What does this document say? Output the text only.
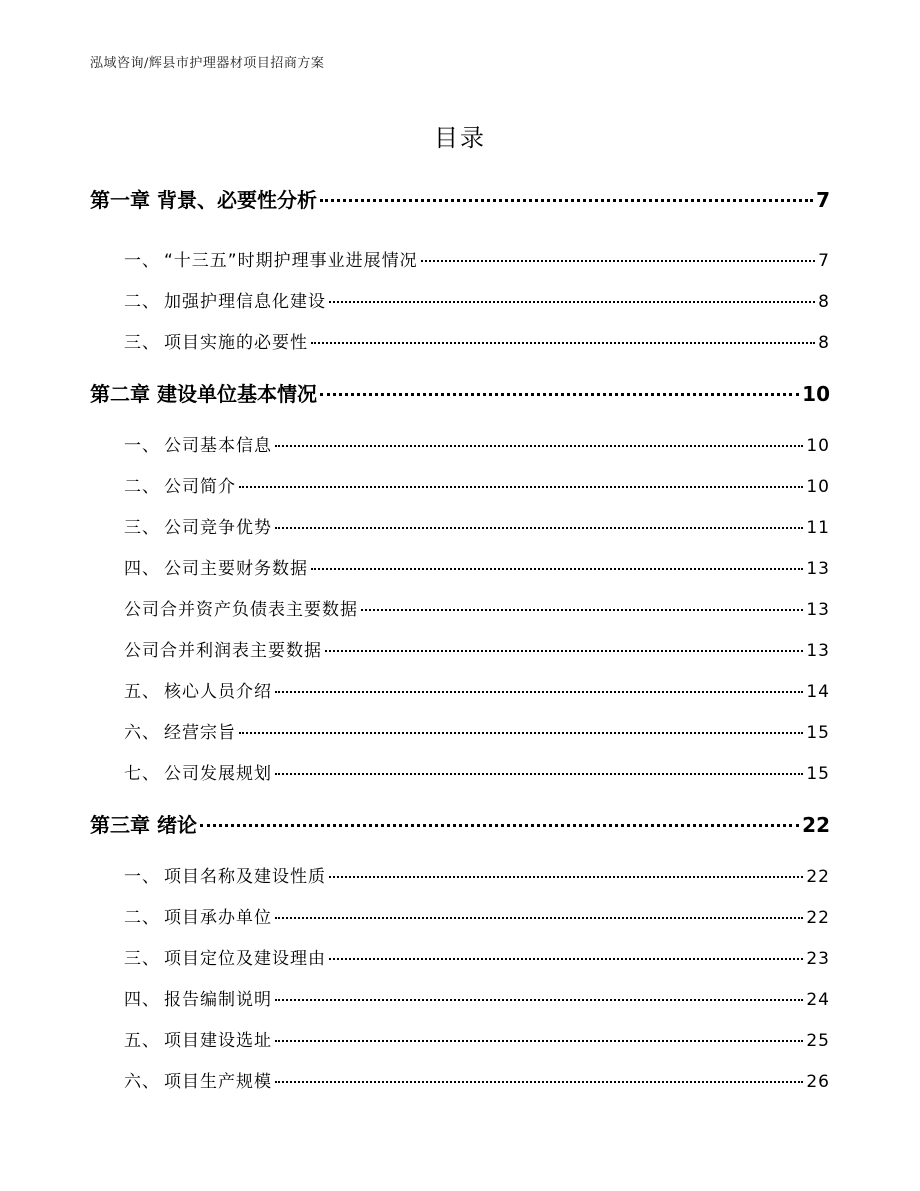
泓域咨询/辉县市护理器材项目招商方案
目录
第一章 背景、必要性分析	7
一、 “十三五”时期护理事业进展情况	7
二、 加强护理信息化建设	8
三、 项目实施的必要性	8
第二章 建设单位基本情况	10
一、 公司基本信息	10
二、 公司简介	10
三、 公司竞争优势	11
四、 公司主要财务数据	13
公司合并资产负债表主要数据	13
公司合并利润表主要数据	13
五、 核心人员介绍	14
六、 经营宗旨	15
七、 公司发展规划	15
第三章 绪论	22
一、 项目名称及建设性质	22
二、 项目承办单位	22
三、 项目定位及建设理由	23
四、 报告编制说明	24
五、 项目建设选址	25
六、 项目生产规模	26
